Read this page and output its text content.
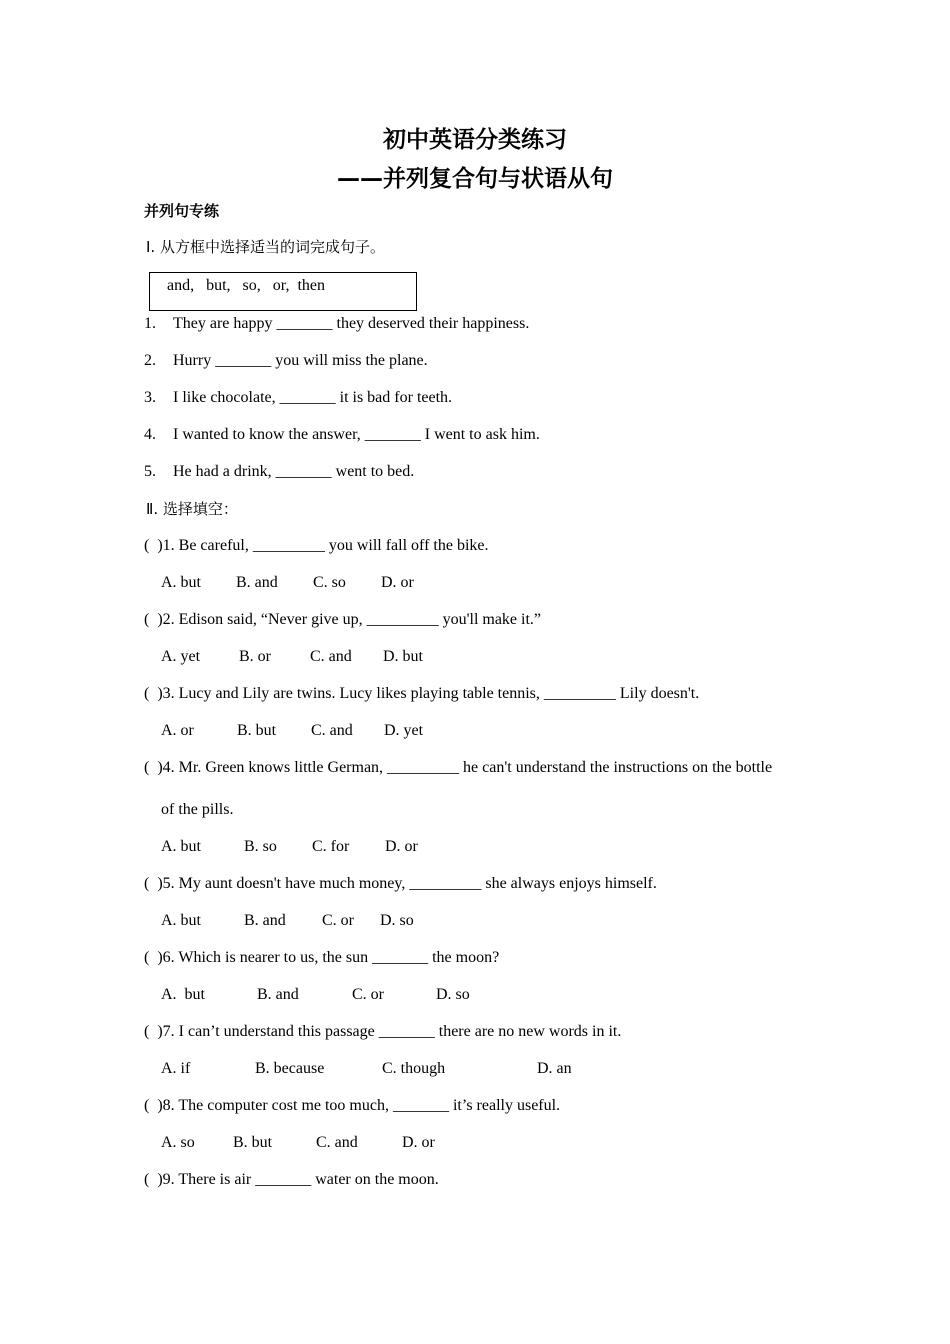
初中英语分类练习
——并列复合句与状语从句
并列句专练
Ⅰ. 从方框中选择适当的词完成句子。
and,   but,   so,   or,  then
1. They are happy _______ they deserved their happiness.
2. Hurry _______ you will miss the plane.
3. I like chocolate, _______ it is bad for teeth.
4. I wanted to know the answer, _______ I went to ask him.
5. He had a drink, _______ went to bed.
Ⅱ. 选择填空：
(  )1. Be careful, _________ you will fall off the bike.

A. but

B. and

C. so

D. or

(  )2. Edison said, “Never give up, _________ you'll make it.”

A. yet

B. or

C. and

D. but

(  )3. Lucy and Lily are twins. Lucy likes playing table tennis, _________ Lily doesn't.

A. or

	B. but

C. and

D. yet

(  )4. Mr. Green knows little German, _________ he can't understand the instructions on the bottle
of the pills.

A. but

	B. so

C. for

D. or

(  )5. My aunt doesn't have much money, _________ she always enjoys himself.

A. but

	B. and

C. or

D. so

(  )6. Which is nearer to us, the sun _______ the moon?

A.  but

	B. and

	C. or

	D. so

(  )7. I can’t understand this passage _______ there are no new words in it.

A. if

	B. because

	C. though

	D. an

(  )8. The computer cost me too much, _______ it’s really useful.

A. so

B. but

	C. and

	D. or

(  )9. There is air _______ water on the moon.
